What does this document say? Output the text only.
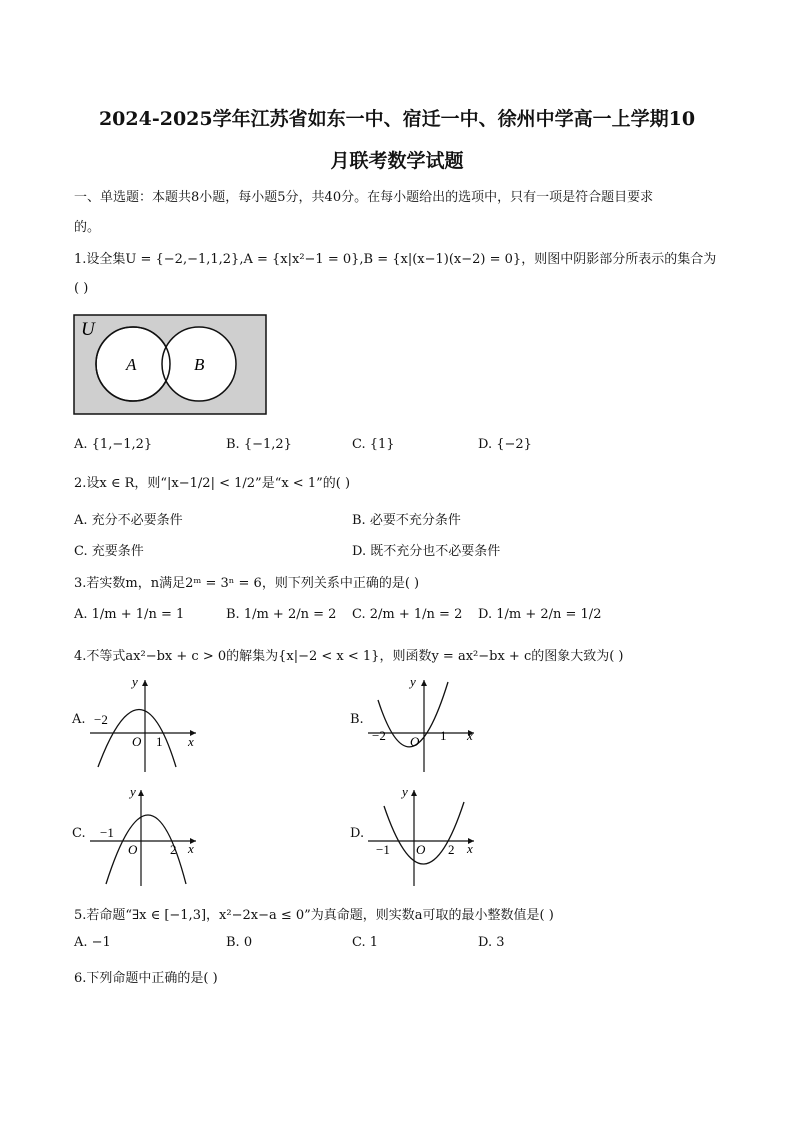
2024-2025学年江苏省如东一中、宿迁一中、徐州中学高一上学期10
月联考数学试题
一、单选题：本题共8小题，每小题5分，共40分。在每小题给出的选项中，只有一项是符合题目要求
的。
1.设全集U = {−2,−1,1,2},A = {x|x²−1 = 0},B = {x|(x−1)(x−2) = 0}，则图中阴影部分所表示的集合为
( )
U
A	B
A. {1,−1,2}	B. {−1,2}	C. {1}	D. {−2}
2.设x ∈ R，则“|x−1/2| < 1/2”是“x < 1”的( )
A. 充分不必要条件	B. 必要不充分条件
C. 充要条件	D. 既不充分也不必要条件
3.若实数m，n满足2ᵐ = 3ⁿ = 6，则下列关系中正确的是( )
A. 1/m + 1/n = 1	B. 1/m + 2/n = 2 C. 2/m + 1/n = 2 D. 1/m + 2/n = 1/2
4.不等式ax²−bx + c > 0的解集为{x|−2 < x < 1}，则函数y = ax²−bx + c的图象大致为( )
A. −2
O 1 x
y
B.
−2 O 1 x
y
C. −1
O	2 x
y
D.
−1 O 2 x
y
5.若命题“∃x ∈ [−1,3]，x²−2x−a ≤ 0”为真命题，则实数a可取的最小整数值是( )
A. −1	B. 0	C. 1	D. 3
6.下列命题中正确的是( )
